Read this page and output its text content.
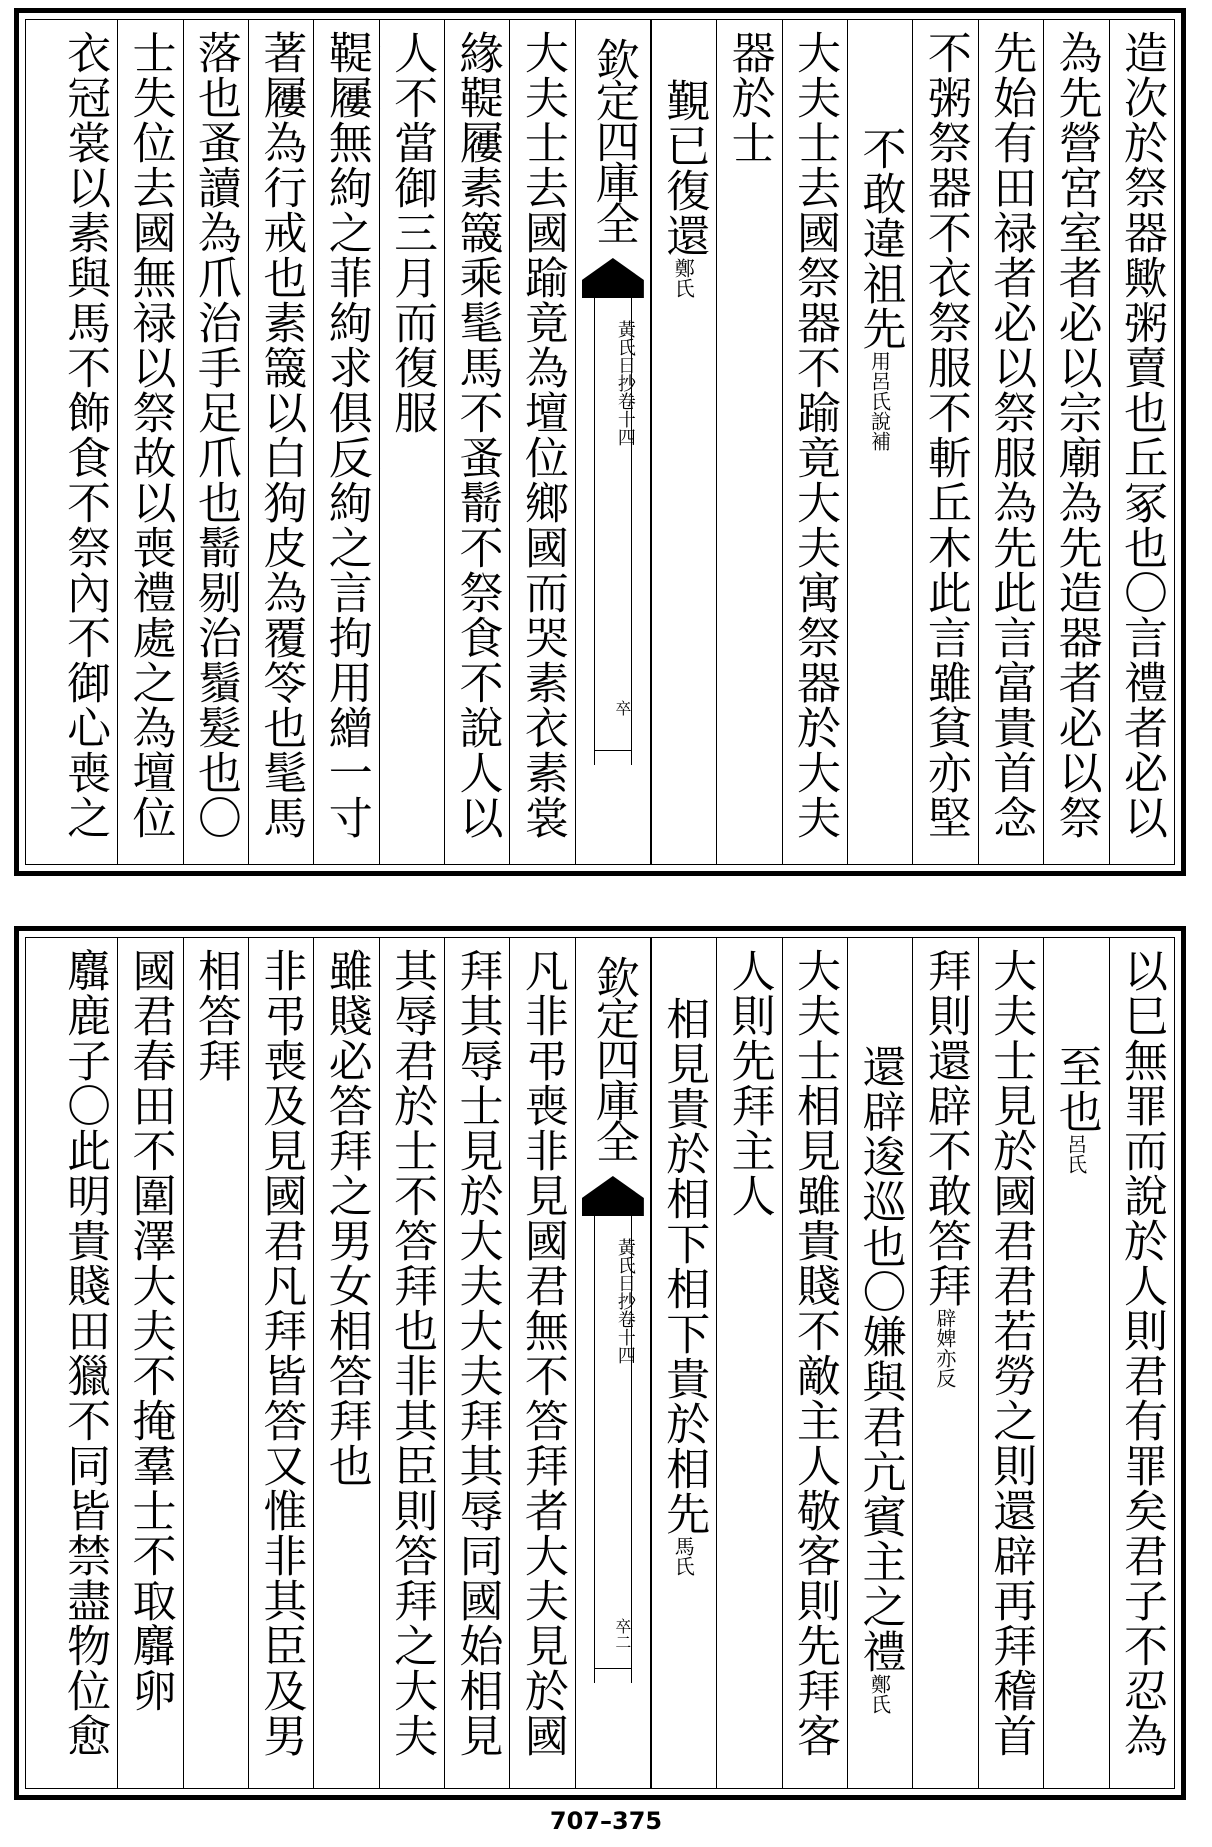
造次於祭器歟粥賣也丘冢也〇言禮者必以
為先營宮室者必以宗廟為先造器者必以祭
先始有田禄者必以祭服為先此言富貴首念
不粥祭器不衣祭服不斬丘木此言雖貧亦堅
不敢違祖先用呂氏說補
大夫士去國祭器不踰竟大夫寓祭器於大夫
器於士
覲已復還鄭氏
欽定四庫全
黃氏日抄卷十四
卒
大夫士去國踰竟為壇位鄉國而哭素衣素裳
緣鞮屨素簚乘髦馬不蚤鬋不祭食不說人以
人不當御三月而復服緣悅絹反鞮都兮反簚莫歷反髦音毛蚤音爪鬋子淺反
鞮屨無絇之菲絇求俱反絇之言拘用繒一寸
著屨為行戒也素簚以白狗皮為覆笭也髦馬
落也蚤讀為爪治手足爪也鬋剔治鬚髮也〇
士失位去國無禄以祭故以喪禮處之為壇位
衣冠裳以素與馬不飾食不祭內不御心喪之
以巳無罪而說於人則君有罪矣君子不忍為
至也呂氏
大夫士見於國君君若勞之則還辟再拜稽首
拜則還辟不敢答拜辟婢亦反
還辟逡巡也〇嫌與君亢賓主之禮鄭氏
大夫士相見雖貴賤不敵主人敬客則先拜客
人則先拜主人
相見貴於相下相下貴於相先馬氏
欽定四庫全
黃氏日抄卷十四
卒二
凡非弔喪非見國君無不答拜者大夫見於國
拜其辱士見於大夫大夫拜其辱同國始相見
其辱君於士不答拜也非其臣則答拜之大夫
雖賤必答拜之男女相答拜也
非弔喪及見國君凡拜皆答又惟非其臣及男
相答拜
國君春田不圍澤大夫不掩羣士不取麛卵
麛鹿子〇此明貴賤田獵不同皆禁盡物位愈
707–375
